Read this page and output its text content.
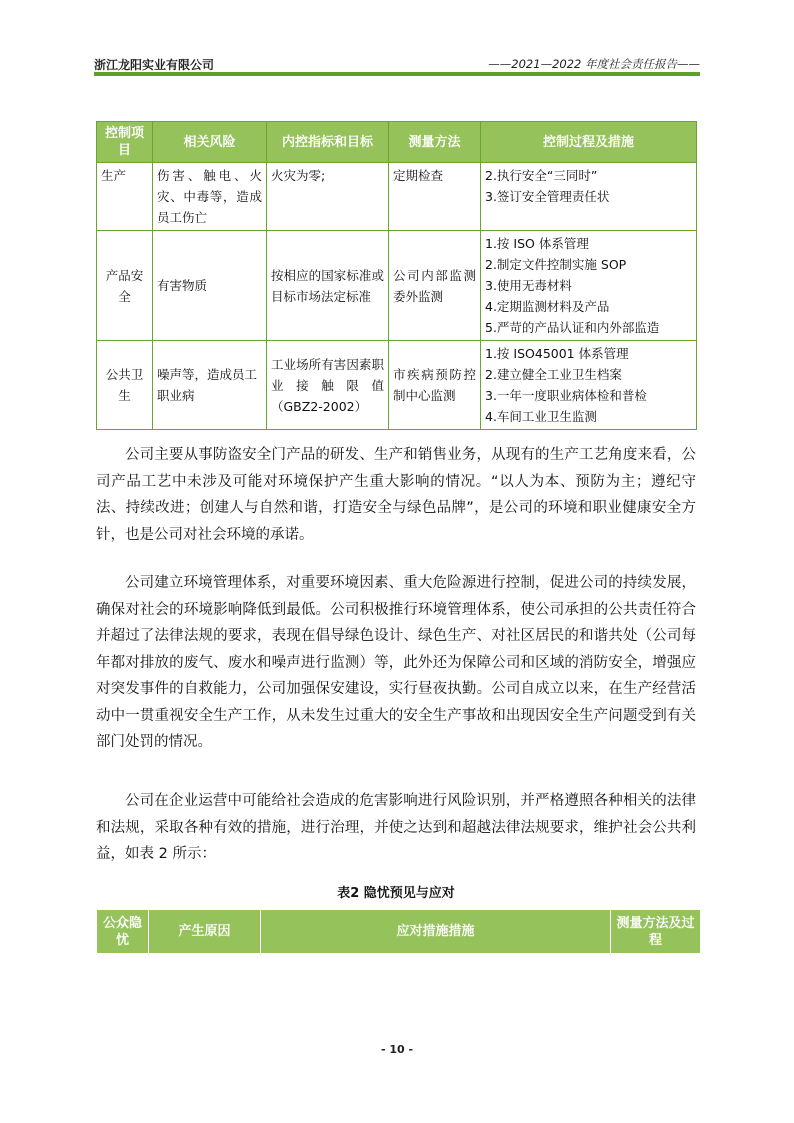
浙江龙阳实业有限公司	——2021—2022 年度社会责任报告——
控制项目	相关风险	内控指标和目标	测量方法	控制过程及措施
生产	伤害、触电、火灾、中毒等，造成员工伤亡	火灾为零;	定期检查	2.执行安全“三同时”
3.签订安全管理责任状

产品安全	有害物质	按相应的国家标准或目标市场法定标准	公司内部监测 委外监测	1.按 ISO 体系管理
2.制定文件控制实施 SOP
3.使用无毒材料
4.定期监测材料及产品
5.严苛的产品认证和内外部监造

公共卫生	噪声等，造成员工职业病	工业场所有害因素职业接触限值（GBZ2-2002）	市疾病预防控制中心监测	1.按 ISO45001 体系管理
2.建立健全工业卫生档案
3.一年一度职业病体检和普检
4.车间工业卫生监测

公司主要从事防盗安全门产品的研发、生产和销售业务，从现有的生产工艺角度来看，公司产品工艺中未涉及可能对环境保护产生重大影响的情况。“以人为本、预防为主；遵纪守法、持续改进；创建人与自然和谐，打造安全与绿色品牌”，是公司的环境和职业健康安全方针，也是公司对社会环境的承诺。

公司建立环境管理体系，对重要环境因素、重大危险源进行控制，促进公司的持续发展，确保对社会的环境影响降低到最低。公司积极推行环境管理体系，使公司承担的公共责任符合并超过了法律法规的要求，表现在倡导绿色设计、绿色生产、对社区居民的和谐共处（公司每年都对排放的废气、废水和噪声进行监测）等，此外还为保障公司和区域的消防安全，增强应对突发事件的自救能力，公司加强保安建设，实行昼夜执勤。公司自成立以来，在生产经营活动中一贯重视安全生产工作，从未发生过重大的安全生产事故和出现因安全生产问题受到有关部门处罚的情况。

公司在企业运营中可能给社会造成的危害影响进行风险识别，并严格遵照各种相关的法律和法规，采取各种有效的措施，进行治理，并使之达到和超越法律法规要求，维护社会公共利益，如表 2 所示：

表2 隐忧预见与应对
公众隐忧	产生原因	应对措施措施	测量方法及过程
- 10 -
